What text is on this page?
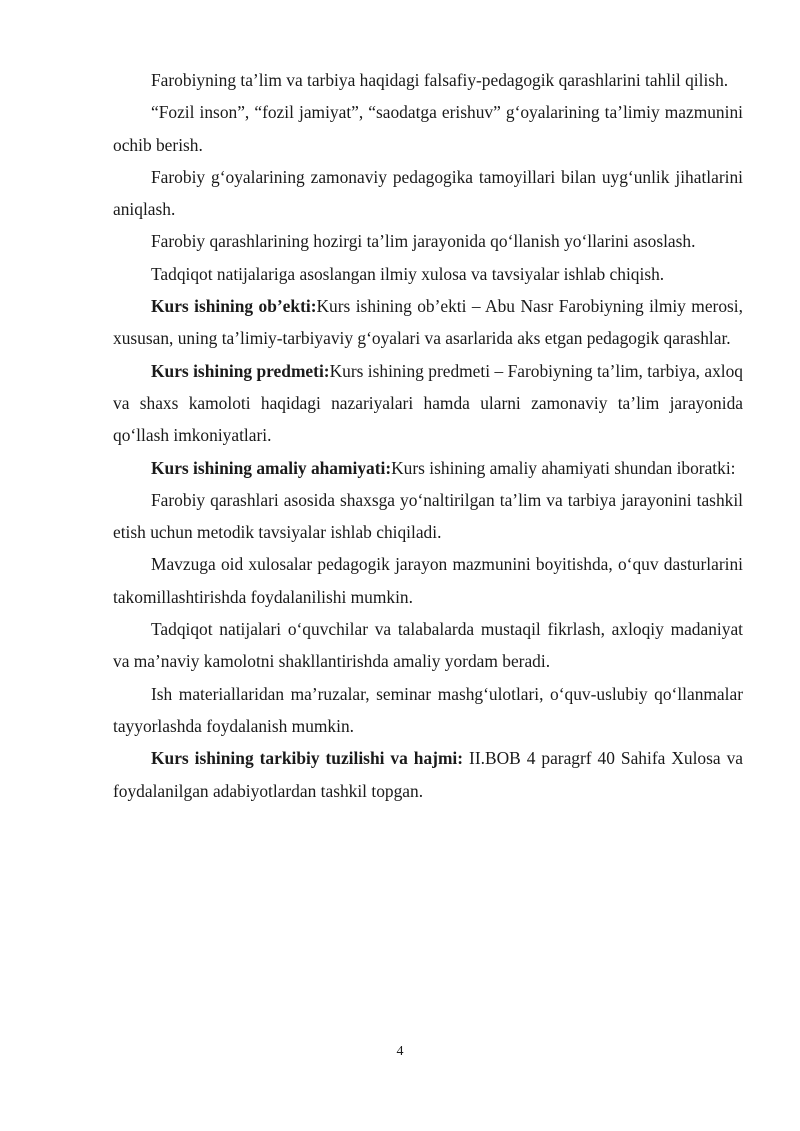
Farobiyning ta’lim va tarbiya haqidagi falsafiy-pedagogik qarashlarini tahlil qilish.

“Fozil inson”, “fozil jamiyat”, “saodatga erishuv” g‘oyalarining ta’limiy mazmunini ochib berish.

Farobiy g‘oyalarining zamonaviy pedagogika tamoyillari bilan uyg‘unlik jihatlarini aniqlash.

Farobiy qarashlarining hozirgi ta’lim jarayonida qo‘llanish yo‘llarini asoslash.

Tadqiqot natijalariga asoslangan ilmiy xulosa va tavsiyalar ishlab chiqish.

Kurs ishining ob’ekti:Kurs ishining ob’ekti – Abu Nasr Farobiyning ilmiy merosi, xususan, uning ta’limiy-tarbiyaviy g‘oyalari va asarlarida aks etgan pedagogik qarashlar.

Kurs ishining predmeti:Kurs ishining predmeti – Farobiyning ta’lim, tarbiya, axloq va shaxs kamoloti haqidagi nazariyalari hamda ularni zamonaviy ta’lim jarayonida qo‘llash imkoniyatlari.

Kurs ishining amaliy ahamiyati:Kurs ishining amaliy ahamiyati shundan iboratki:

Farobiy qarashlari asosida shaxsga yo‘naltirilgan ta’lim va tarbiya jarayonini tashkil etish uchun metodik tavsiyalar ishlab chiqiladi.

Mavzuga oid xulosalar pedagogik jarayon mazmunini boyitishda, o‘quv dasturlarini takomillashtirishda foydalanilishi mumkin.

Tadqiqot natijalari o‘quvchilar va talabalarda mustaqil fikrlash, axloqiy madaniyat va ma’naviy kamolotni shakllantirishda amaliy yordam beradi.

Ish materiallaridan ma’ruzalar, seminar mashg‘ulotlari, o‘quv-uslubiy qo‘llanmalar tayyorlashda foydalanish mumkin.

Kurs ishining tarkibiy tuzilishi va hajmi: II.BOB 4 paragrf 40 Sahifa Xulosa va foydalanilgan adabiyotlardan tashkil topgan.

4
